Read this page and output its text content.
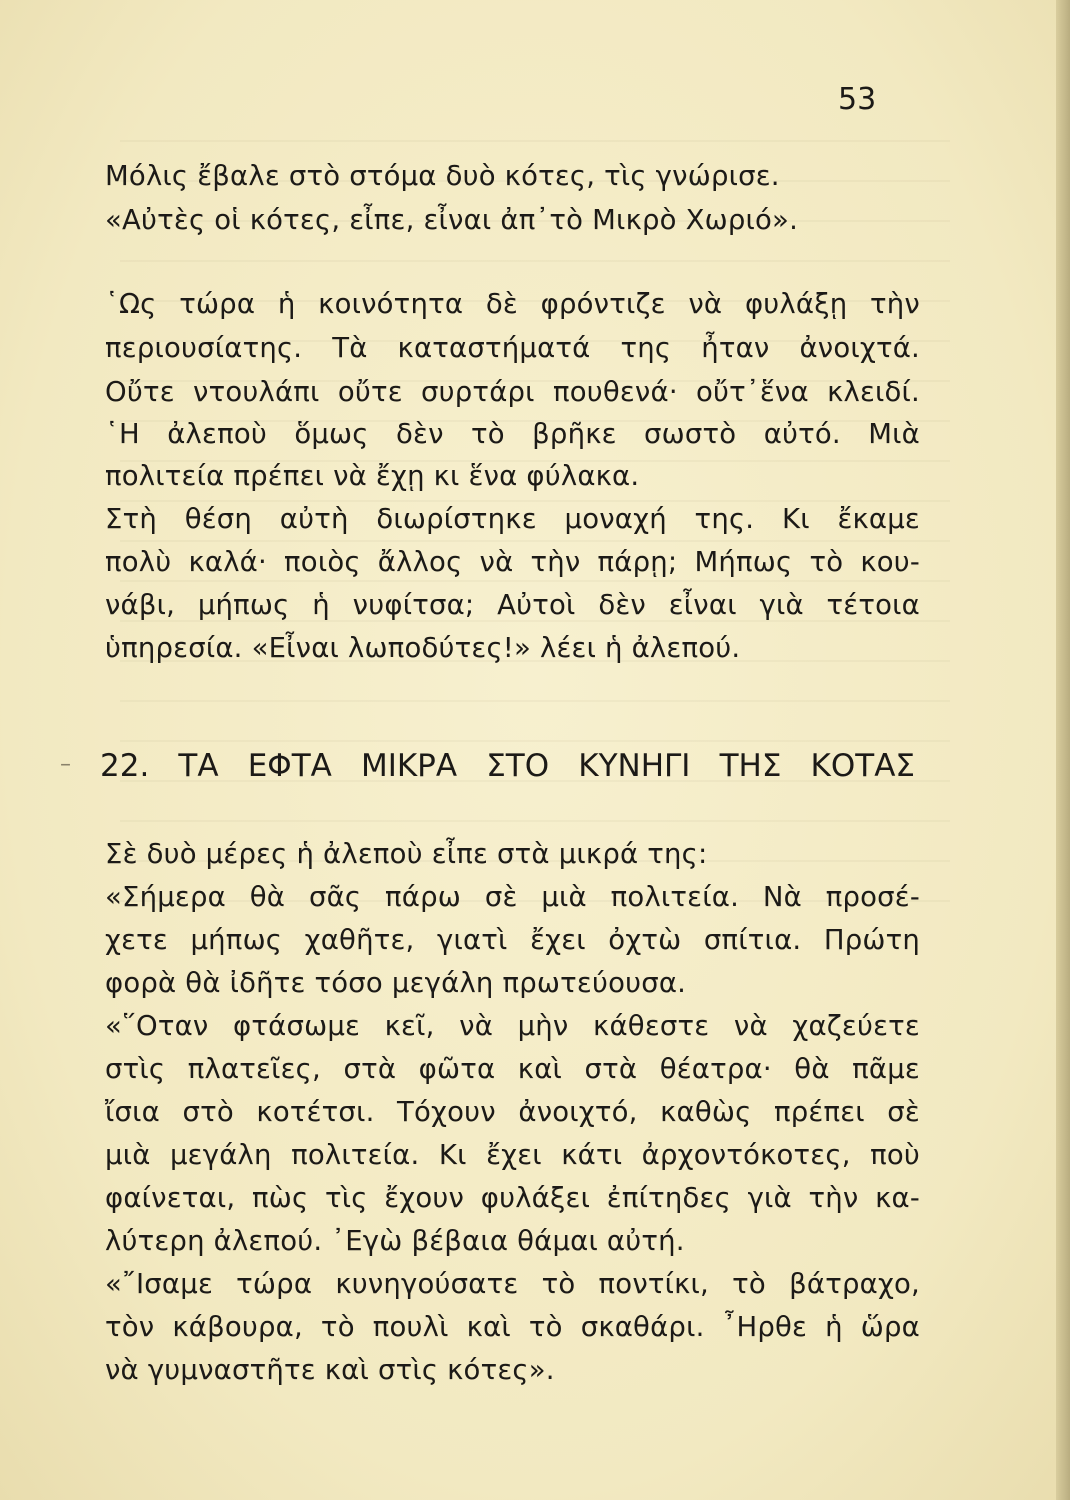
53
Μόλις ἔβαλε στὸ στόμα δυὸ κότες, τὶς γνώρισε.
«Αὐτὲς οἱ κότες, εἶπε, εἶναι ἀπ᾿τὸ Μικρὸ Χωριό».
῾Ως τώρα ἡ κοινότητα δὲ φρόντιζε νὰ φυλάξῃ τὴν
περιουσίατης. Τὰ καταστήματά της ἦταν ἀνοιχτά.
Οὔτε ντουλάπι οὔτε συρτάρι πουθενά· οὔτ᾿ἕνα κλειδί.
῾Η ἀλεποὺ ὅμως δὲν τὸ βρῆκε σωστὸ αὐτό. Μιὰ
πολιτεία πρέπει νὰ ἔχῃ κι ἕνα φύλακα.
Στὴ θέση αὐτὴ διωρίστηκε μοναχή της. Κι ἔκαμε
πολὺ καλά· ποιὸς ἄλλος νὰ τὴν πάρῃ; Μήπως τὸ κου-
νάβι, μήπως ἡ νυφίτσα; Αὐτοὶ δὲν εἶναι γιὰ τέτοια
ὑπηρεσία. «Εἶναι λωποδύτες!» λέει ἡ ἀλεπού.
– 22. ΤΑ ΕΦΤΑ ΜΙΚΡΑ ΣΤΟ ΚΥΝΗΓΙ ΤΗΣ ΚΟΤΑΣ
Σὲ δυὸ μέρες ἡ ἀλεποὺ εἶπε στὰ μικρά της:
«Σήμερα θὰ σᾶς πάρω σὲ μιὰ πολιτεία. Νὰ προσέ-
χετε μήπως χαθῆτε, γιατὶ ἔχει ὀχτὼ σπίτια. Πρώτη
φορὰ θὰ ἰδῆτε τόσο μεγάλη πρωτεύουσα.
«῞Οταν φτάσωμε κεῖ, νὰ μὴν κάθεστε νὰ χαζεύετε
στὶς πλατεῖες, στὰ φῶτα καὶ στὰ θέατρα· θὰ πᾶμε
ἴσια στὸ κοτέτσι. Τόχουν ἀνοιχτό, καθὼς πρέπει σὲ
μιὰ μεγάλη πολιτεία. Κι ἔχει κάτι ἀρχοντόκοτες, ποὺ
φαίνεται, πὼς τὶς ἔχουν φυλάξει ἐπίτηδες γιὰ τὴν κα-
λύτερη ἀλεπού. ᾿Εγὼ βέβαια θάμαι αὐτή.
«῎Ισαμε τώρα κυνηγούσατε τὸ ποντίκι, τὸ βάτραχο,
τὸν κάβουρα, τὸ πουλὶ καὶ τὸ σκαθάρι. ῏Ηρθε ἡ ὥρα
νὰ γυμναστῆτε καὶ στὶς κότες».
